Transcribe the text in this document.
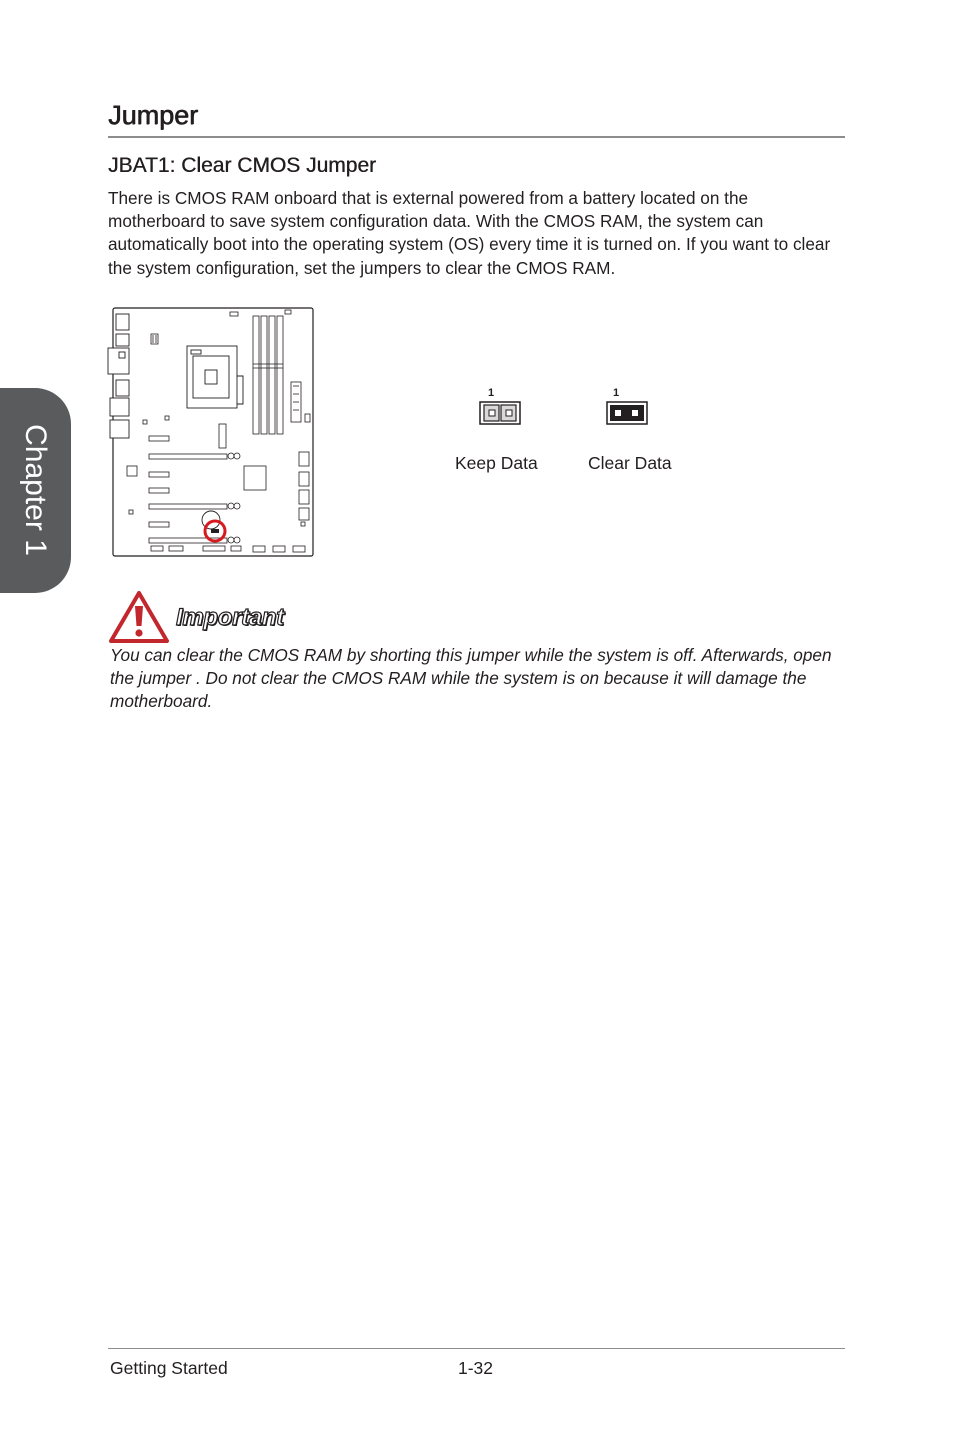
Chapter 1
Jumper
JBAT1: Clear CMOS Jumper

There is CMOS RAM onboard that is external powered from a battery located on the motherboard to save system configuration data. With the CMOS RAM, the system can automatically boot into the operating system (OS) every time it is turned on. If you want to clear the system configuration, set the jumpers to clear the CMOS RAM.

1	1
Keep Data	Clear Data
Important

You can clear the CMOS RAM by shorting this jumper while the system is off. Afterwards, open the jumper . Do not clear the CMOS RAM while the system is on because it will damage the motherboard.

Getting Started	1-32
